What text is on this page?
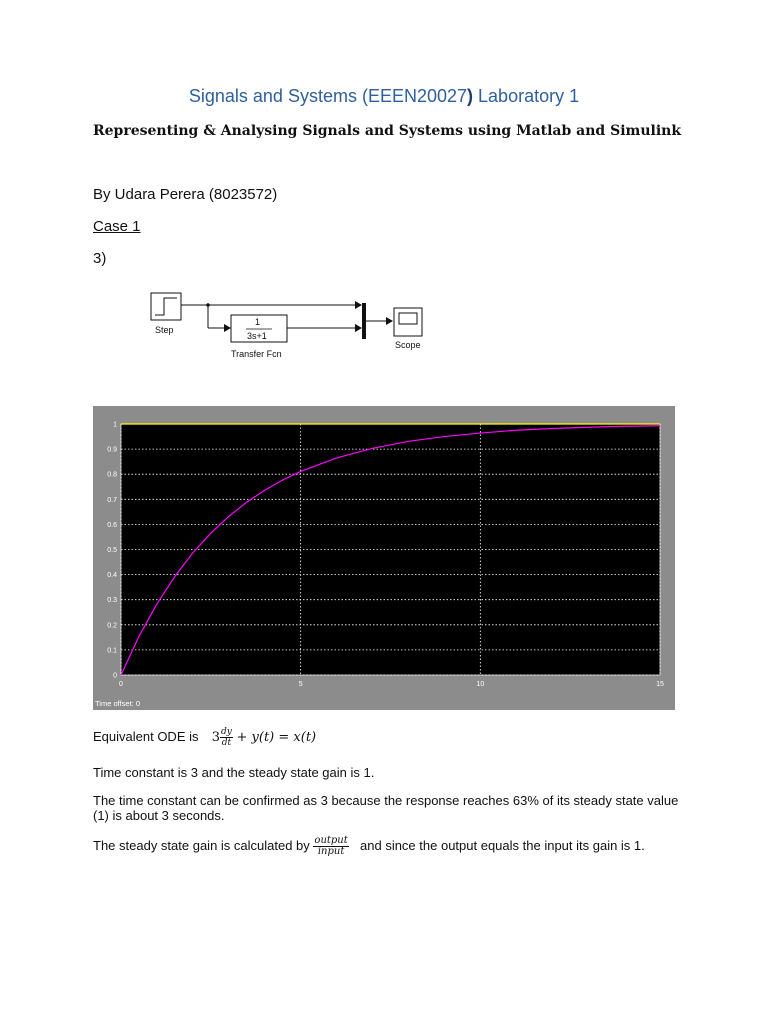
Signals and Systems (EEEN20027) Laboratory 1
Representing & Analysing Signals and Systems using Matlab and Simulink
By Udara Perera (8023572)
Case 1
3)
Step
1
3s+1
Transfer Fcn
Scope
0
0.1
0.2
0.3
0.4
0.5
0.6
0.7
0.8
0.9
1
0	5	10	15
Time offset: 0
Equivalent ODE is $3 \frac{dy}{dt} + y(t) = x(t)$
Time constant is 3 and the steady state gain is 1.
The time constant can be confirmed as 3 because the response reaches 63% of its steady state value
(1) is about 3 seconds.
The steady state gain is calculated by $\frac{\text{output}}{\text{input}}$ and since the output equals the input its gain is 1.
